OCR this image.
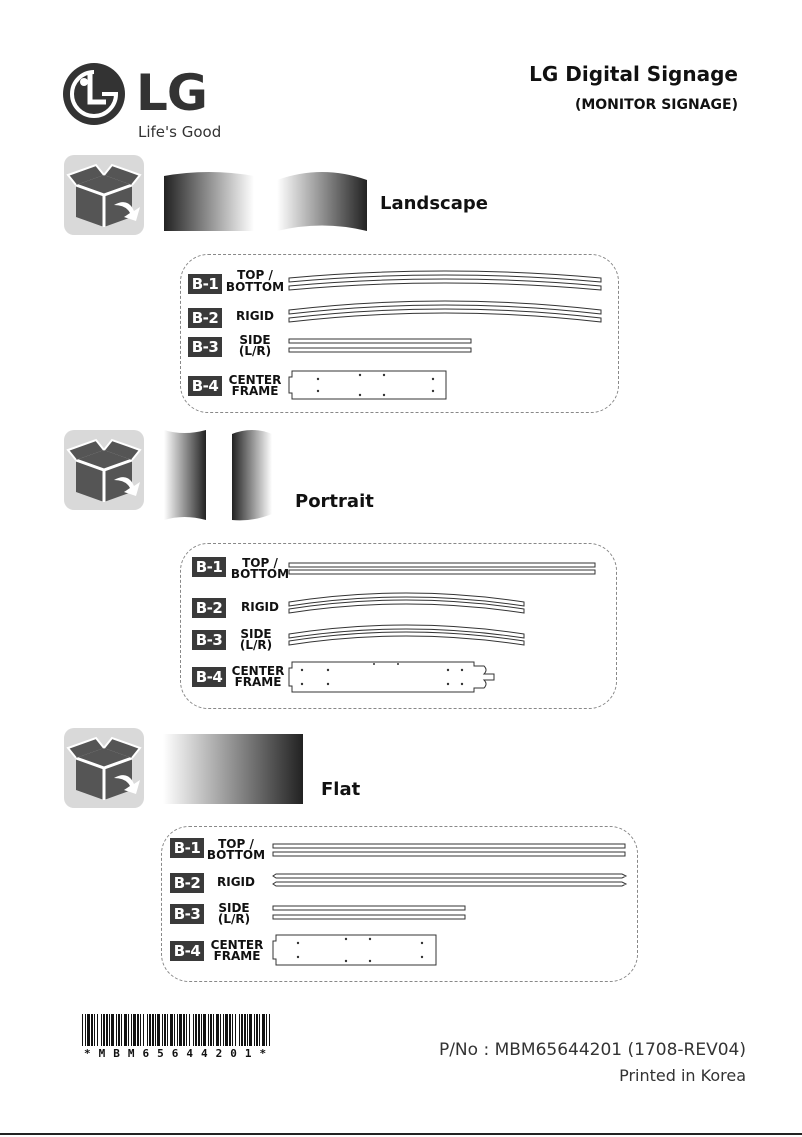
LG
Life's Good
LG Digital Signage
(MONITOR SIGNAGE)
Landscape
B-1	TOP /
BOTTOM
B-2	RIGID
B-3	SIDE
(L/R)
B-4 CENTER
FRAME
Portrait
B-1	TOP /
BOTTOM
B-2	RIGID
B-3	SIDE
(L/R)
B-4 CENTER
FRAME
Flat
B-1	TOP /
BOTTOM
B-2	RIGID
B-3	SIDE
(L/R)
B-4 CENTER
FRAME
*MBM65644201*	P/No : MBM65644201 (1708-REV04)
Printed in Korea
